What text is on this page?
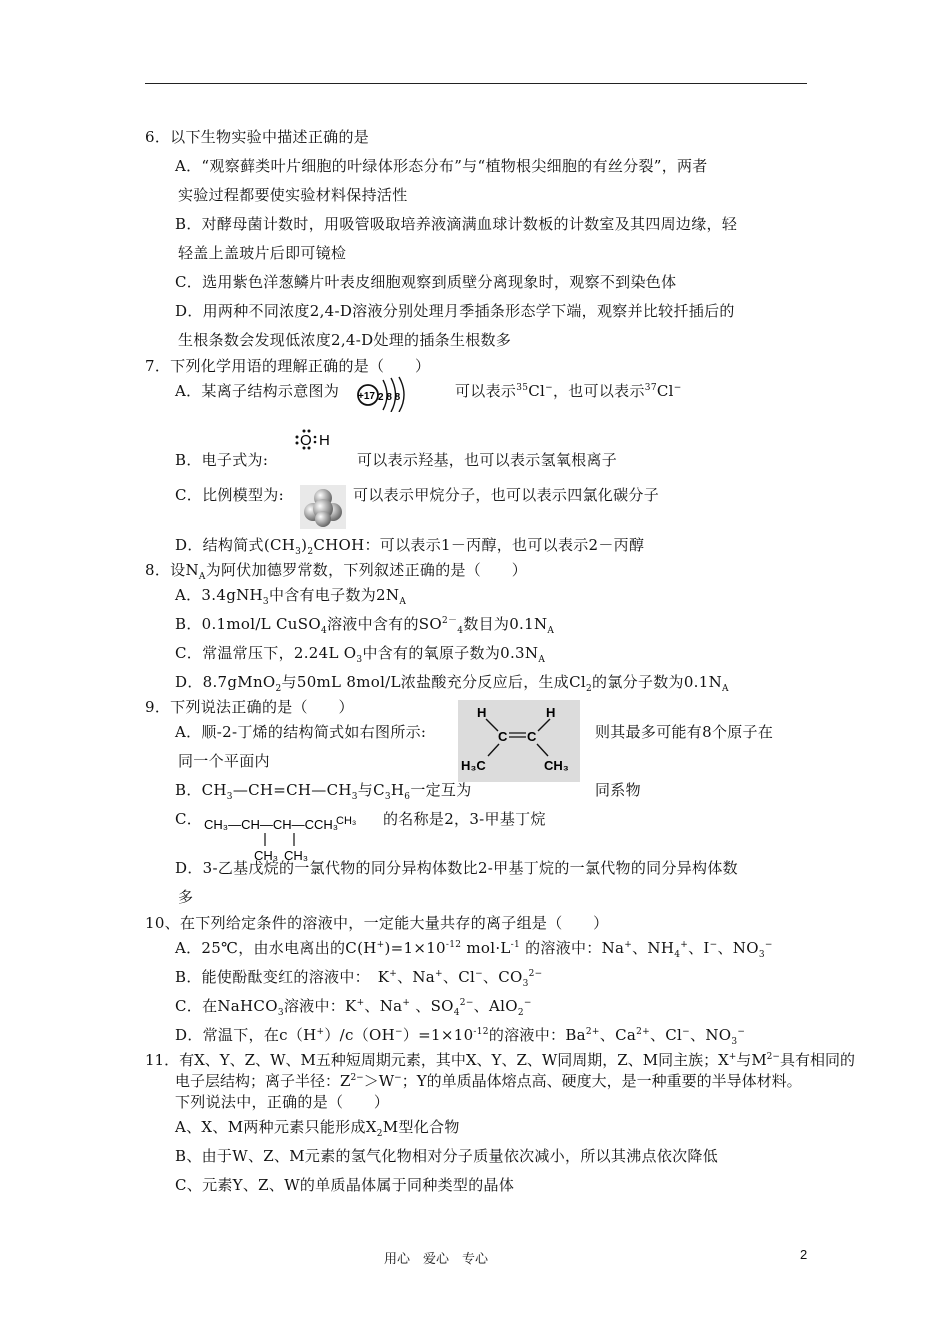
6．以下生物实验中描述正确的是
A．“观察藓类叶片细胞的叶绿体形态分布”与“植物根尖细胞的有丝分裂”，两者
实验过程都要使实验材料保持活性
B．对酵母菌计数时，用吸管吸取培养液滴满血球计数板的计数室及其四周边缘，轻
轻盖上盖玻片后即可镜检
C．选用紫色洋葱鳞片叶表皮细胞观察到质壁分离现象时，观察不到染色体
D．用两种不同浓度2,4-D溶液分别处理月季插条形态学下端，观察并比较扦插后的
生根条数会发现低浓度2,4-D处理的插条生根数多
7．下列化学用语的理解正确的是（　　）
A．某离子结构示意图为 +17 2 8 8	可以表示$^{35}$Cl−，也可以表示$^{37}$Cl−
O H
B．电子式为:	可以表示羟基，也可以表示氢氧根离子
C．比例模型为:	可以表示甲烷分子，也可以表示四氯化碳分子
D．结构简式$(CH_3)_2CHOH$：可以表示1－丙醇，也可以表示2－丙醇
8．设$N_A$为阿伏加德罗常数，下列叙述正确的是（　　）
A．3.4gNH$_3$中含有电子数为$2N_A$
B．0.1mol/L CuSO$_4$溶液中含有的$SO^{2-}_4$数目为$0.1N_A$
C．常温常压下，2.24L $O_3$中含有的氧原子数为$0.3N_A$
D．8.7gMnO$_2$与50mL 8mol/L浓盐酸充分反应后，生成$Cl_2$的氯分子数为$0.1N_A$
9．下列说法正确的是（　　）
A．顺-2-丁烯的结构简式如右图所示:
H	H
C C
H₃C	CH₃
则其最多可能有8个原子在
同一个平面内
B．$CH_3—CH=CH—CH_3$与$C_3H_6$一定互为	同系物
C． CH₃—CH—CH—CCH₃
CH₃
CH₃ CH₃
的名称是2，3-甲基丁烷
D．3-乙基戊烷的一氯代物的同分异构体数比2-甲基丁烷的一氯代物的同分异构体数
多
10、在下列给定条件的溶液中，一定能大量共存的离子组是（　　）
A．25℃，由水电离出的$C(H^+)=1\times 10^{-12}$ $mol\cdot L^{-1}$ 的溶液中：Na+、$NH_4^+$、I−、$NO_3^-$
B．能使酚酞变红的溶液中：　K+、Na+、Cl−、$CO_3^{2-}$
C．在NaHCO$_3$溶液中：K+、Na+ 、$SO_4^{2-}$、AlO$_2$−
D．常温下，在$c(H^+)/c(OH^-)=1\times 10^{-12}$的溶液中：$Ba^{2+}$、$Ca^{2+}$、Cl−、$NO_3^-$
11．有X、Y、Z、W、M五种短周期元素，其中X、Y、Z、W同周期，Z、M同主族；X+与$M^{2-}$具有相同的
电子层结构；离子半径：$Z^{2-}>W^-$；Y的单质晶体熔点高、硬度大，是一种重要的半导体材料。
下列说法中，正确的是（　　）
A、X、M两种元素只能形成$X_2M$型化合物
B、由于W、Z、M元素的氢气化物相对分子质量依次减小，所以其沸点依次降低
C、元素Y、Z、W的单质晶体属于同种类型的晶体
用心　爱心　专心	2
